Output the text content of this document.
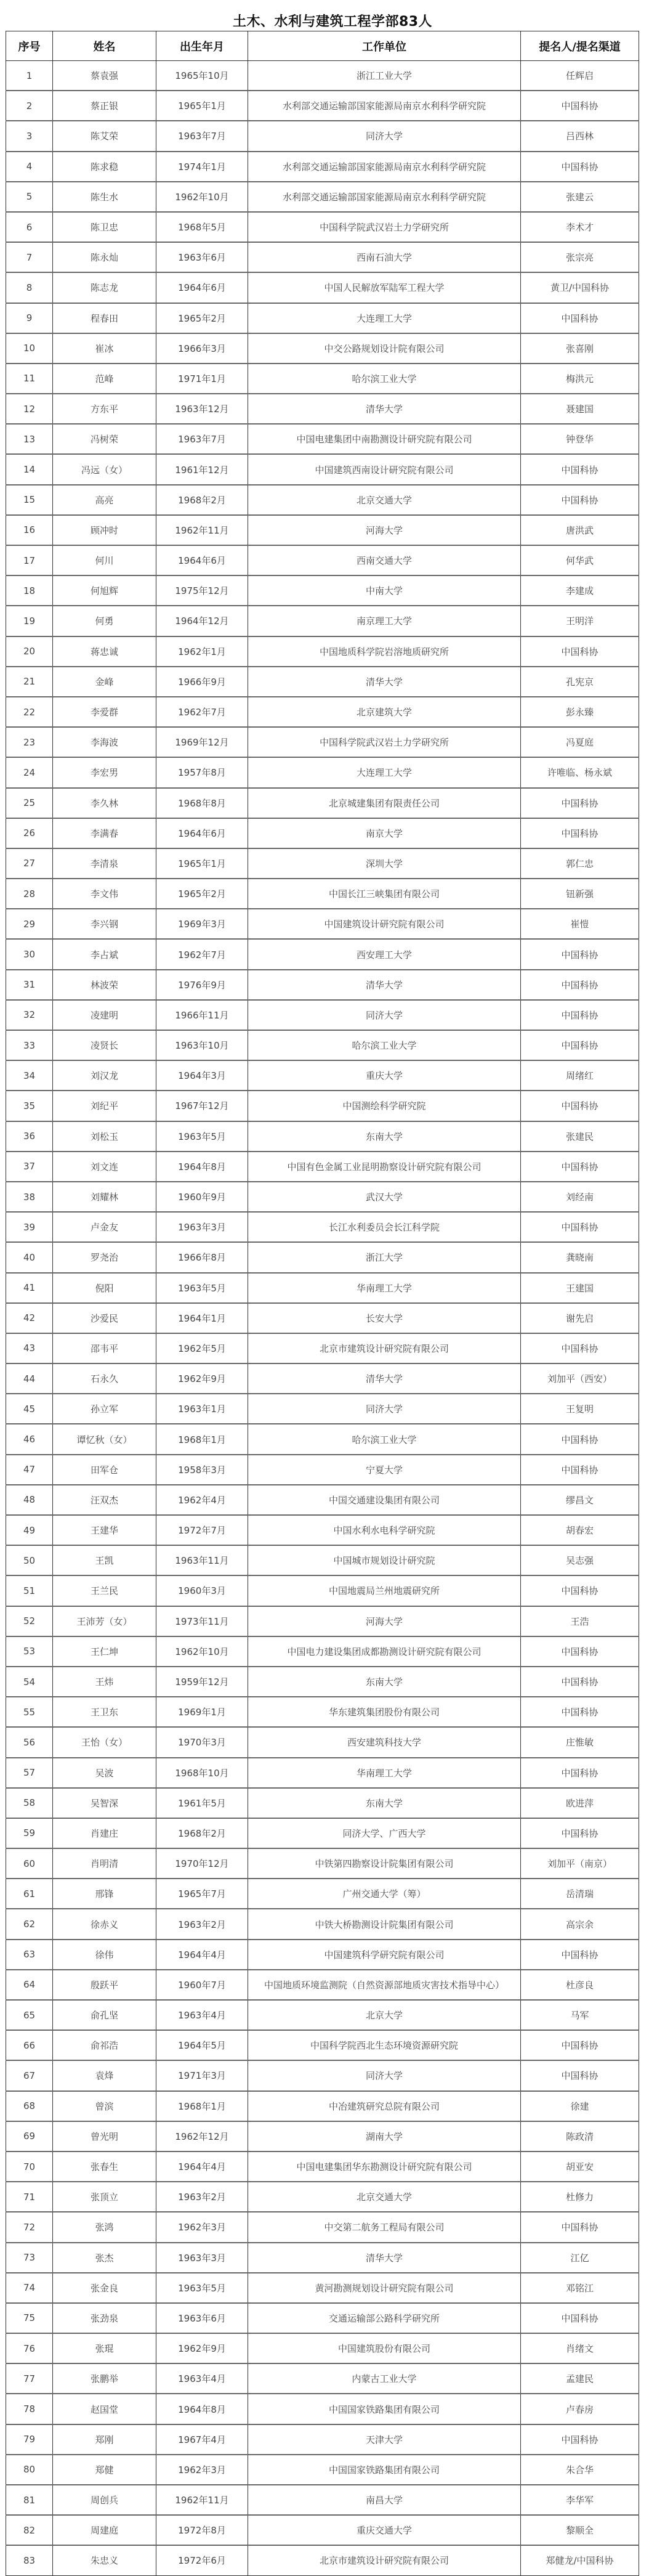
土木、水利与建筑工程学部83人
序号	姓名	出生年月	工作单位	提名人/提名渠道
1	蔡袁强	1965年10月	浙江工业大学	任辉启
2	蔡正银	1965年1月	水利部交通运输部国家能源局南京水利科学研究院	中国科协
3	陈艾荣	1963年7月	同济大学	吕西林
4	陈求稳	1974年1月	水利部交通运输部国家能源局南京水利科学研究院	中国科协
5	陈生水	1962年10月	水利部交通运输部国家能源局南京水利科学研究院	张建云
6	陈卫忠	1968年5月	中国科学院武汉岩土力学研究所	李术才
7	陈永灿	1963年6月	西南石油大学	张宗亮
8	陈志龙	1964年6月	中国人民解放军陆军工程大学	黄卫/中国科协
9	程春田	1965年2月	大连理工大学	中国科协
10	崔冰	1966年3月	中交公路规划设计院有限公司	张喜刚
11	范峰	1971年1月	哈尔滨工业大学	梅洪元
12	方东平	1963年12月	清华大学	聂建国
13	冯树荣	1963年7月	中国电建集团中南勘测设计研究院有限公司	钟登华
14	冯远（女）	1961年12月	中国建筑西南设计研究院有限公司	中国科协
15	高亮	1968年2月	北京交通大学	中国科协
16	顾冲时	1962年11月	河海大学	唐洪武
17	何川	1964年6月	西南交通大学	何华武
18	何旭辉	1975年12月	中南大学	李建成
19	何勇	1964年12月	南京理工大学	王明洋
20	蒋忠诚	1962年1月	中国地质科学院岩溶地质研究所	中国科协
21	金峰	1966年9月	清华大学	孔宪京
22	李爱群	1962年7月	北京建筑大学	彭永臻
23	李海波	1969年12月	中国科学院武汉岩土力学研究所	冯夏庭
24	李宏男	1957年8月	大连理工大学	许唯临、杨永斌
25	李久林	1968年8月	北京城建集团有限责任公司	中国科协
26	李满春	1964年6月	南京大学	中国科协
27	李清泉	1965年1月	深圳大学	郭仁忠
28	李文伟	1965年2月	中国长江三峡集团有限公司	钮新强
29	李兴钢	1969年3月	中国建筑设计研究院有限公司	崔愷
30	李占斌	1962年7月	西安理工大学	中国科协
31	林波荣	1976年9月	清华大学	中国科协
32	凌建明	1966年11月	同济大学	中国科协
33	凌贤长	1963年10月	哈尔滨工业大学	中国科协
34	刘汉龙	1964年3月	重庆大学	周绪红
35	刘纪平	1967年12月	中国测绘科学研究院	中国科协
36	刘松玉	1963年5月	东南大学	张建民
37	刘文连	1964年8月	中国有色金属工业昆明勘察设计研究院有限公司	中国科协
38	刘耀林	1960年9月	武汉大学	刘经南
39	卢金友	1963年3月	长江水利委员会长江科学院	中国科协
40	罗尧治	1966年8月	浙江大学	龚晓南
41	倪阳	1963年5月	华南理工大学	王建国
42	沙爱民	1964年1月	长安大学	谢先启
43	邵韦平	1962年5月	北京市建筑设计研究院有限公司	中国科协
44	石永久	1962年9月	清华大学	刘加平（西安）
45	孙立军	1963年1月	同济大学	王复明
46	谭忆秋（女）	1968年1月	哈尔滨工业大学	中国科协
47	田军仓	1958年3月	宁夏大学	中国科协
48	汪双杰	1962年4月	中国交通建设集团有限公司	缪昌文
49	王建华	1972年7月	中国水利水电科学研究院	胡春宏
50	王凯	1963年11月	中国城市规划设计研究院	吴志强
51	王兰民	1960年3月	中国地震局兰州地震研究所	中国科协
52	王沛芳（女）	1973年11月	河海大学	王浩
53	王仁坤	1962年10月	中国电力建设集团成都勘测设计研究院有限公司	中国科协
54	王炜	1959年12月	东南大学	中国科协
55	王卫东	1969年1月	华东建筑集团股份有限公司	中国科协
56	王怡（女）	1970年3月	西安建筑科技大学	庄惟敏
57	吴波	1968年10月	华南理工大学	中国科协
58	吴智深	1961年5月	东南大学	欧进萍
59	肖建庄	1968年2月	同济大学、广西大学	中国科协
60	肖明清	1970年12月	中铁第四勘察设计院集团有限公司	刘加平（南京）
61	邢锋	1965年7月	广州交通大学（筹）	岳清瑞
62	徐赤义	1963年2月	中铁大桥勘测设计院集团有限公司	高宗余
63	徐伟	1964年4月	中国建筑科学研究院有限公司	中国科协
64	殷跃平	1960年7月	中国地质环境监测院（自然资源部地质灾害技术指导中心）	杜彦良
65	俞孔坚	1963年4月	北京大学	马军
66	俞祁浩	1964年5月	中国科学院西北生态环境资源研究院	中国科协
67	袁烽	1971年3月	同济大学	中国科协
68	曾滨	1968年1月	中冶建筑研究总院有限公司	徐建
69	曾光明	1962年12月	湖南大学	陈政清
70	张春生	1964年4月	中国电建集团华东勘测设计研究院有限公司	胡亚安
71	张顶立	1963年2月	北京交通大学	杜修力
72	张鸿	1962年3月	中交第二航务工程局有限公司	中国科协
73	张杰	1963年3月	清华大学	江亿
74	张金良	1963年5月	黄河勘测规划设计研究院有限公司	邓铭江
75	张劲泉	1963年6月	交通运输部公路科学研究所	中国科协
76	张琨	1962年9月	中国建筑股份有限公司	肖绪文
77	张鹏举	1963年4月	内蒙古工业大学	孟建民
78	赵国堂	1964年8月	中国国家铁路集团有限公司	卢春房
79	郑刚	1967年4月	天津大学	中国科协
80	郑健	1962年3月	中国国家铁路集团有限公司	朱合华
81	周创兵	1962年11月	南昌大学	李华军
82	周建庭	1972年8月	重庆交通大学	黎顺全
83	朱忠义	1972年6月	北京市建筑设计研究院有限公司	郑健龙/中国科协
